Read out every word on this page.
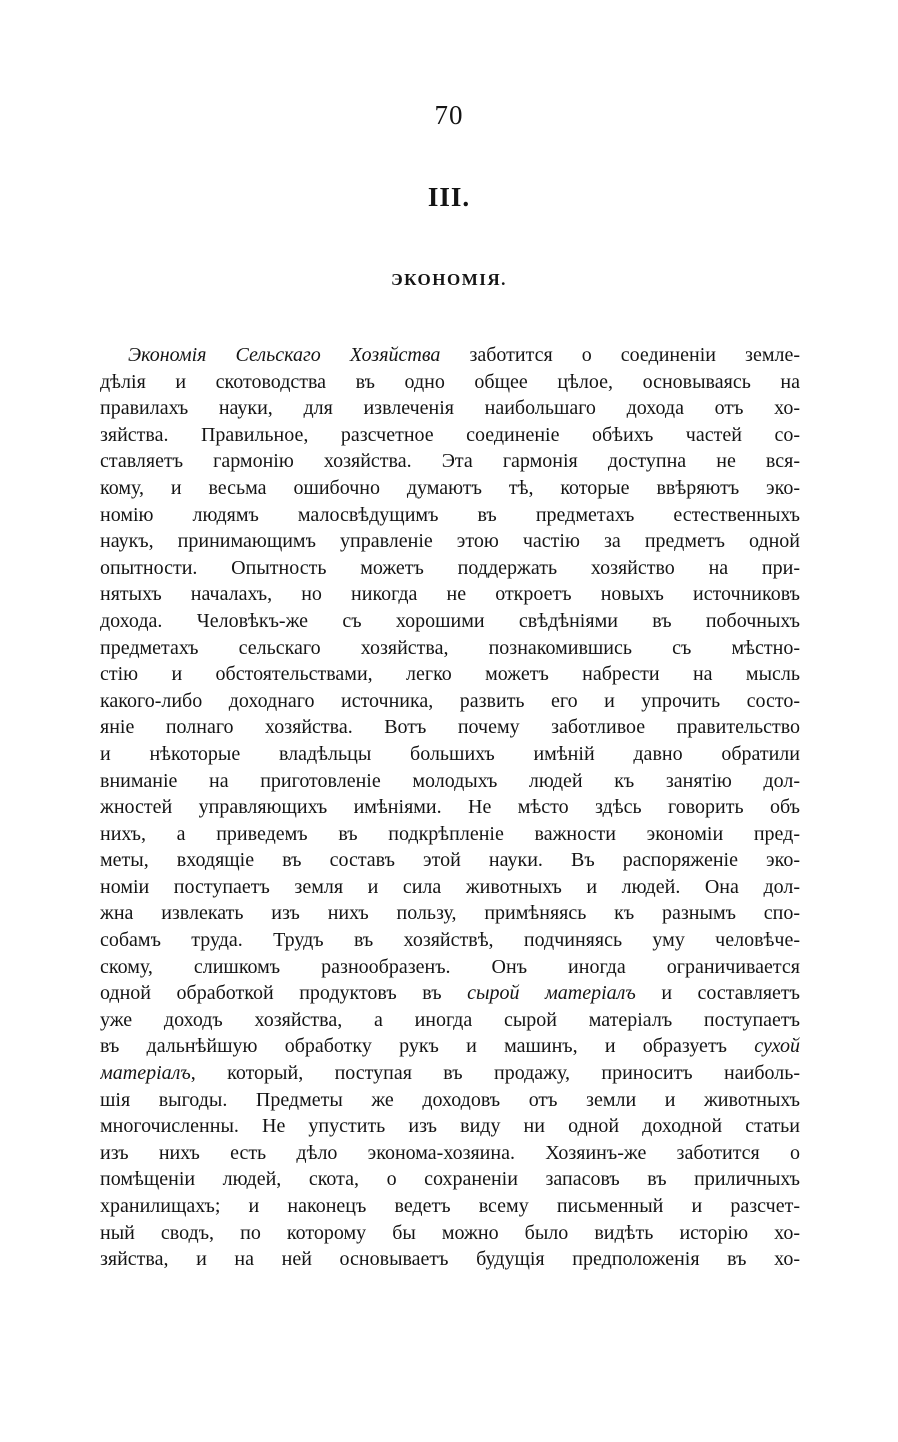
70
III.
ЭКОНОМІЯ.
Экономія Сельскаго Хозяйства заботится о соединеніи земле-
дѣлія и скотоводства въ одно общее цѣлое, основываясь на
правилахъ науки, для извлеченія наибольшаго дохода отъ хо-
зяйства. Правильное, разсчетное соединеніе обѣихъ частей со-
ставляетъ гармонію хозяйства. Эта гармонія доступна не вся-
кому, и весьма ошибочно думаютъ тѣ, которые ввѣряютъ эко-
номію людямъ малосвѣдущимъ въ предметахъ естественныхъ
наукъ, принимающимъ управленіе этою частію за предметъ одной
опытности. Опытность можетъ поддержать хозяйство на при-
нятыхъ началахъ, но никогда не откроетъ новыхъ источниковъ
дохода. Человѣкъ-же съ хорошими свѣдѣніями въ побочныхъ
предметахъ сельскаго хозяйства, познакомившись съ мѣстно-
стію и обстоятельствами, легко можетъ набрести на мысль
какого-либо доходнаго источника, развить его и упрочить состо-
яніе полнаго хозяйства. Вотъ почему заботливое правительство
и нѣкоторые владѣльцы большихъ имѣній давно обратили
вниманіе на приготовленіе молодыхъ людей къ занятію дол-
жностей управляющихъ имѣніями. Не мѣсто здѣсь говорить объ
нихъ, а приведемъ въ подкрѣпленіе важности экономіи пред-
меты, входящіе въ составъ этой науки. Въ распоряженіе эко-
номіи поступаетъ земля и сила животныхъ и людей. Она дол-
жна извлекать изъ нихъ пользу, примѣняясь къ разнымъ спо-
собамъ труда. Трудъ въ хозяйствѣ, подчиняясь уму человѣче-
скому, слишкомъ разнообразенъ. Онъ иногда ограничивается
одной обработкой продуктовъ въ сырой матеріалъ и составляетъ
уже доходъ хозяйства, а иногда сырой матеріалъ поступаетъ
въ дальнѣйшую обработку рукъ и машинъ, и образуетъ сухой
матеріалъ, который, поступая въ продажу, приноситъ наиболь-
шія выгоды. Предметы же доходовъ отъ земли и животныхъ
многочисленны. Не упустить изъ виду ни одной доходной статьи
изъ нихъ есть дѣло эконома-хозяина. Хозяинъ-же заботится о
помѣщеніи людей, скота, о сохраненіи запасовъ въ приличныхъ
хранилищахъ; и наконецъ ведетъ всему письменный и разсчет-
ный сводъ, по которому бы можно было видѣть исторію хо-
зяйства, и на ней основываетъ будущія предположенія въ хо-
